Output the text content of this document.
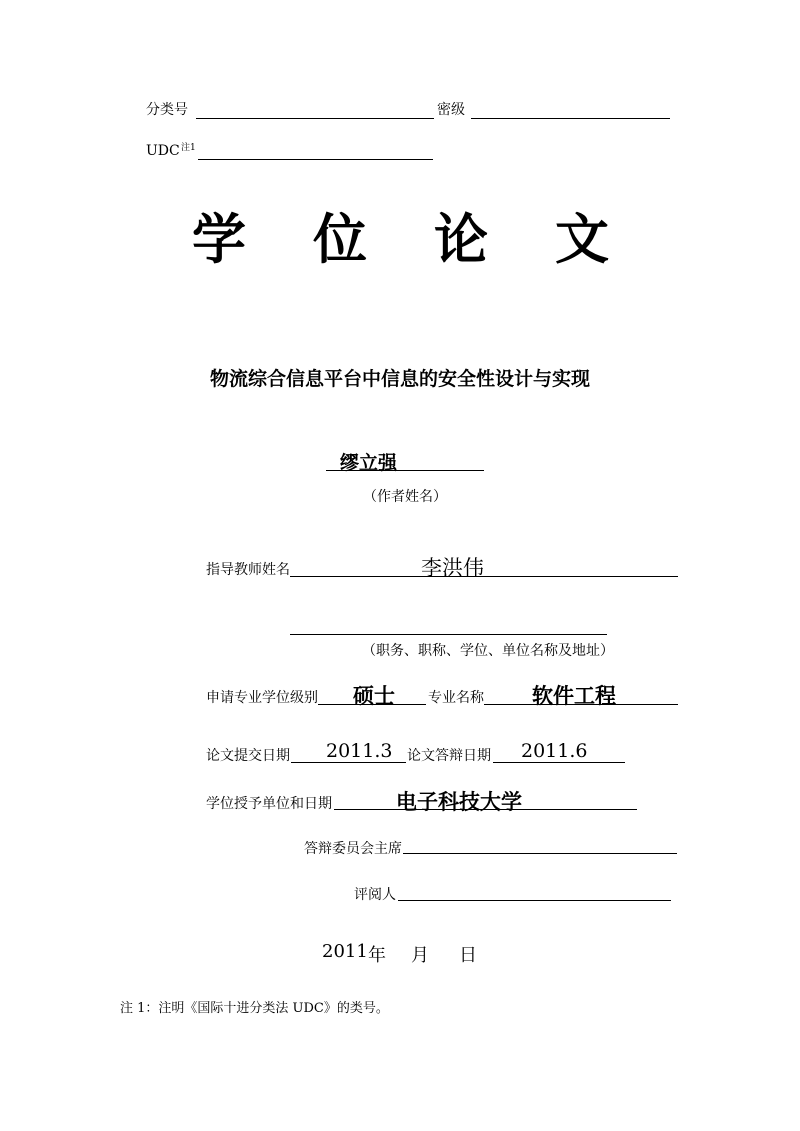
分类号	密级
UDC 注1
学 位 论 文
物流综合信息平台中信息的安全性设计与实现
缪立强
（作者姓名）
指导教师姓名	李洪伟
（职务、职称、学位、单位名称及地址）
申请专业学位级别 硕士 专业名称 软件工程
论文提交日期 2011.3 论文答辩日期 2011.6
学位授予单位和日期	电子科技大学
答辩委员会主席
评阅人
2011 年 月 日
注 1：注明《国际十进分类法 UDC》的类号。
